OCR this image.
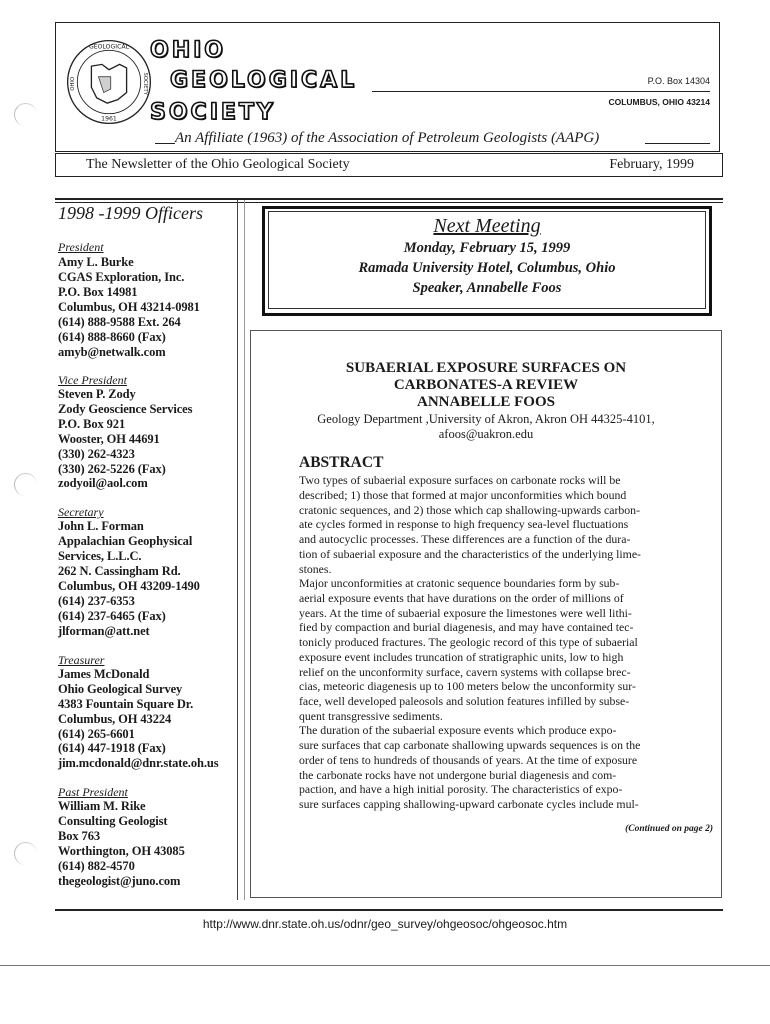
GEOLOGICAL
SOCIETY
OHIO
1961
OHIO
GEOLOGICAL
SOCIETY
P.O. Box 14304
COLUMBUS, OHIO 43214
An Affiliate (1963) of the Association of Petroleum Geologists (AAPG)
The Newsletter of the Ohio Geological Society	February, 1999
1998 -1999 Officers
President
Amy L. Burke
CGAS Exploration, Inc.
P.O. Box 14981
Columbus, OH 43214-0981
(614) 888-9588 Ext. 264
(614) 888-8660 (Fax)
amyb@netwalk.com
Vice President
Steven P. Zody
Zody Geoscience Services
P.O. Box 921
Wooster, OH 44691
(330) 262-4323
(330) 262-5226 (Fax)
zodyoil@aol.com
Secretary
John L. Forman
Appalachian Geophysical
Services, L.L.C.
262 N. Cassingham Rd.
Columbus, OH 43209-1490
(614) 237-6353
(614) 237-6465 (Fax)
jlforman@att.net
Treasurer
James McDonald
Ohio Geological Survey
4383 Fountain Square Dr.
Columbus, OH 43224
(614) 265-6601
(614) 447-1918 (Fax)
jim.mcdonald@dnr.state.oh.us
Past President
William M. Rike
Consulting Geologist
Box 763
Worthington, OH 43085
(614) 882-4570
thegeologist@juno.com
Next Meeting
Monday, February 15, 1999
Ramada University Hotel, Columbus, Ohio
Speaker, Annabelle Foos
SUBAERIAL EXPOSURE SURFACES ON
CARBONATES-A REVIEW
ANNABELLE FOOS
Geology Department ,University of Akron, Akron OH 44325-4101,
afoos@uakron.edu
ABSTRACT
Two types of subaerial exposure surfaces on carbonate rocks will be
described; 1) those that formed at major unconformities which bound
cratonic sequences, and 2) those which cap shallowing-upwards carbon-
ate cycles formed in response to high frequency sea-level fluctuations
and autocyclic processes. These differences are a function of the dura-
tion of subaerial exposure and the characteristics of the underlying lime-
stones.
Major unconformities at cratonic sequence boundaries form by sub-
aerial exposure events that have durations on the order of millions of
years. At the time of subaerial exposure the limestones were well lithi-
fied by compaction and burial diagenesis, and may have contained tec-
tonicly produced fractures. The geologic record of this type of subaerial
exposure event includes truncation of stratigraphic units, low to high
relief on the unconformity surface, cavern systems with collapse brec-
cias, meteoric diagenesis up to 100 meters below the unconformity sur-
face, well developed paleosols and solution features infilled by subse-
quent transgressive sediments.
The duration of the subaerial exposure events which produce expo-
sure surfaces that cap carbonate shallowing upwards sequences is on the
order of tens to hundreds of thousands of years. At the time of exposure
the carbonate rocks have not undergone burial diagenesis and com-
paction, and have a high initial porosity. The characteristics of expo-
sure surfaces capping shallowing-upward carbonate cycles include mul-
(Continued on page 2)
http://www.dnr.state.oh.us/odnr/geo_survey/ohgeosoc/ohgeosoc.htm
